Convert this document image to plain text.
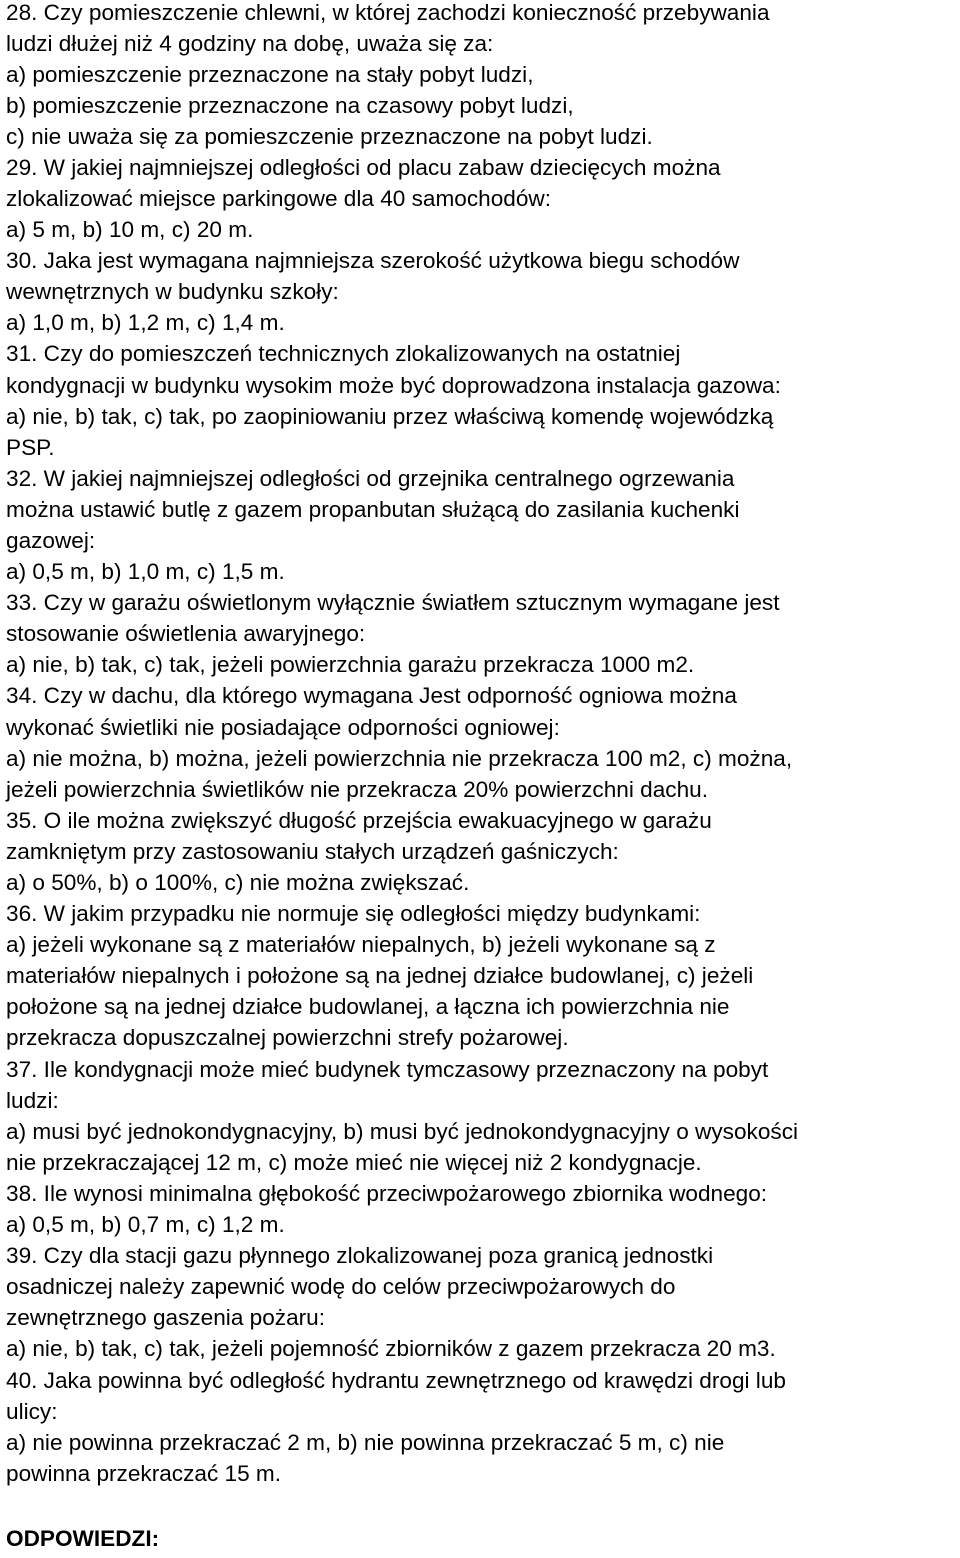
28. Czy pomieszczenie chlewni, w której zachodzi konieczność przebywania
ludzi dłużej niż 4 godziny na dobę, uważa się za:
a) pomieszczenie przeznaczone na stały pobyt ludzi,
b) pomieszczenie przeznaczone na czasowy pobyt ludzi,
c) nie uważa się za pomieszczenie przeznaczone na pobyt ludzi.
29. W jakiej najmniejszej odległości od placu zabaw dziecięcych można
zlokalizować miejsce parkingowe dla 40 samochodów:
a) 5 m, b) 10 m, c) 20 m.
30. Jaka jest wymagana najmniejsza szerokość użytkowa biegu schodów
wewnętrznych w budynku szkoły:
a) 1,0 m, b) 1,2 m, c) 1,4 m.
31. Czy do pomieszczeń technicznych zlokalizowanych na ostatniej
kondygnacji w budynku wysokim może być doprowadzona instalacja gazowa:
a) nie, b) tak, c) tak, po zaopiniowaniu przez właściwą komendę wojewódzką
PSP.
32. W jakiej najmniejszej odległości od grzejnika centralnego ogrzewania
można ustawić butlę z gazem propanbutan służącą do zasilania kuchenki
gazowej:
a) 0,5 m, b) 1,0 m, c) 1,5 m.
33. Czy w garażu oświetlonym wyłącznie światłem sztucznym wymagane jest
stosowanie oświetlenia awaryjnego:
a) nie, b) tak, c) tak, jeżeli powierzchnia garażu przekracza 1000 m2.
34. Czy w dachu, dla którego wymagana Jest odporność ogniowa można
wykonać świetliki nie posiadające odporności ogniowej:
a) nie można, b) można, jeżeli powierzchnia nie przekracza 100 m2, c) można,
jeżeli powierzchnia świetlików nie przekracza 20% powierzchni dachu.
35. O ile można zwiększyć długość przejścia ewakuacyjnego w garażu
zamkniętym przy zastosowaniu stałych urządzeń gaśniczych:
a) o 50%, b) o 100%, c) nie można zwiększać.
36. W jakim przypadku nie normuje się odległości między budynkami:
a) jeżeli wykonane są z materiałów niepalnych, b) jeżeli wykonane są z
materiałów niepalnych i położone są na jednej działce budowlanej, c) jeżeli
położone są na jednej działce budowlanej, a łączna ich powierzchnia nie
przekracza dopuszczalnej powierzchni strefy pożarowej.
37. Ile kondygnacji może mieć budynek tymczasowy przeznaczony na pobyt
ludzi:
a) musi być jednokondygnacyjny, b) musi być jednokondygnacyjny o wysokości
nie przekraczającej 12 m, c) może mieć nie więcej niż 2 kondygnacje.
38. Ile wynosi minimalna głębokość przeciwpożarowego zbiornika wodnego:
a) 0,5 m, b) 0,7 m, c) 1,2 m.
39. Czy dla stacji gazu płynnego zlokalizowanej poza granicą jednostki
osadniczej należy zapewnić wodę do celów przeciwpożarowych do
zewnętrznego gaszenia pożaru:
a) nie, b) tak, c) tak, jeżeli pojemność zbiorników z gazem przekracza 20 m3.
40. Jaka powinna być odległość hydrantu zewnętrznego od krawędzi drogi lub
ulicy:
a) nie powinna przekraczać 2 m, b) nie powinna przekraczać 5 m, c) nie
powinna przekraczać 15 m.
ODPOWIEDZI:
